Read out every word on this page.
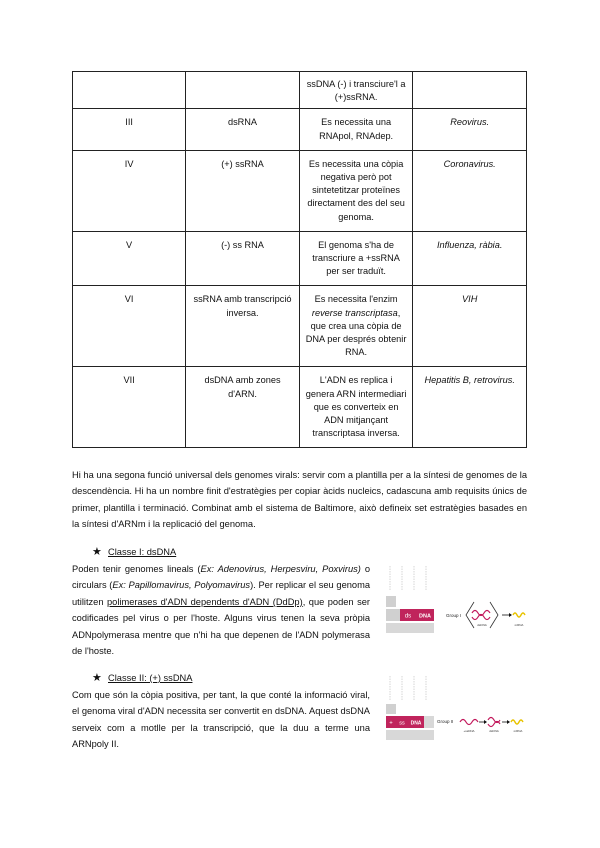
		ssDNA (-) i transciure'l a (+)ssRNA.	
III	dsRNA	Es necessita una RNApol, RNAdep.	Reovirus.
IV	(+) ssRNA	Es necessita una còpia negativa però pot sintetetitzar proteïnes directament des del seu genoma.	Coronavirus.
V	(-) ss RNA	El genoma s'ha de transcriure a +ssRNA per ser traduït.	Influenza, ràbia.
VI	ssRNA amb transcripció inversa.	Es necessita l'enzim reverse transcriptasa, que crea una còpia de DNA per després obtenir RNA.	VIH
VII	dsDNA amb zones d'ARN.	L'ADN es replica i genera ARN intermediari que es converteix en ADN mitjançant transcriptasa inversa.	Hepatitis B, retrovirus.
Hi ha una segona funció universal dels genomes virals: servir com a plantilla per a la síntesi de genomes de la descendència. Hi ha un nombre finit d'estratègies per copiar àcids nucleics, cadascuna amb requisits únics de primer, plantilla i terminació. Combinat amb el sistema de Baltimore, això defineix set estratègies basades en la síntesi d'ARNm i la replicació del genoma.
★ Classe I: dsDNA
Poden tenir genomes lineals (Ex: Adenovirus, Herpesviru, Poxvirus) o circulars (Ex: Papillomavirus, Polyomavirus). Per replicar el seu genoma utilitzen polimerases d'ADN dependents d'ADN (DdDp), que poden ser codificades pel virus o per l'hoste. Alguns virus tenen la seva pròpia ADNpolymerasa mentre que n'hi ha que depenen de l'ADN polymerasa de l'hoste.
ds DNA	Group I
dsDNA	mRNA
★ Classe II: (+) ssDNA
Com que són la còpia positiva, per tant, la que conté la informació viral, el genoma viral d'ADN necessita ser convertit en dsDNA. Aquest dsDNA serveix com a motlle per la transcripció, que la duu a terme una ARNpoly II.
+ ss DNA	Group II
+ssDNA	dsDNA	mRNA
